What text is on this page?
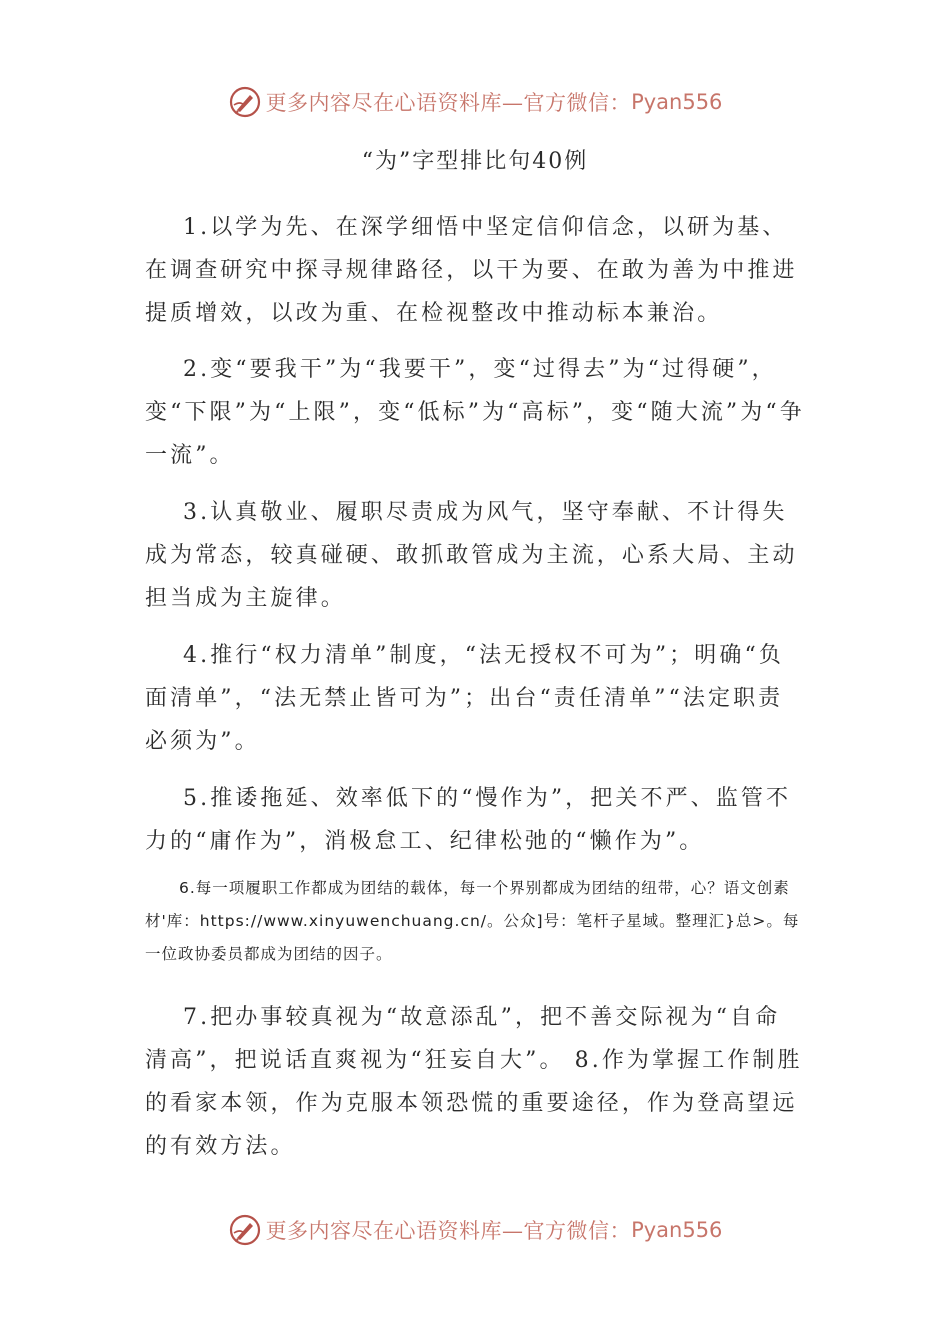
更多内容尽在心语资料库—官方微信： Pyan556
“为”字型排比句40例

1.以学为先、在深学细悟中坚定信仰信念，以研为基、在调查研究中探寻规律路径，以干为要、在敢为善为中推进提质增效，以改为重、在检视整改中推动标本兼治。

2.变“要我干”为“我要干”，变“过得去”为“过得硬”，变“下限”为“上限”，变“低标”为“高标”，变“随大流”为“争一流”。

3.认真敬业、履职尽责成为风气，坚守奉献、不计得失成为常态，较真碰硬、敢抓敢管成为主流，心系大局、主动担当成为主旋律。

4.推行“权力清单”制度，“法无授权不可为”；明确“负面清单”，“法无禁止皆可为”；出台“责任清单”“法定职责必须为”。

5.推诿拖延、效率低下的“慢作为”，把关不严、监管不力的“庸作为”，消极怠工、纪律松弛的“懒作为”。

6.每一项履职工作都成为团结的载体，每一个界别都成为团结的纽带，心？语文创素材'库：https://www.xinyuwenchuang.cn/。公众]号：笔杆子星域。整理汇}总>。每一位政协委员都成为团结的因子。

7.把办事较真视为“故意添乱”，把不善交际视为“自命清高”，把说话直爽视为“狂妄自大”。 8.作为掌握工作制胜的看家本领，作为克服本领恐慌的重要途径，作为登高望远的有效方法。

更多内容尽在心语资料库—官方微信： Pyan556
